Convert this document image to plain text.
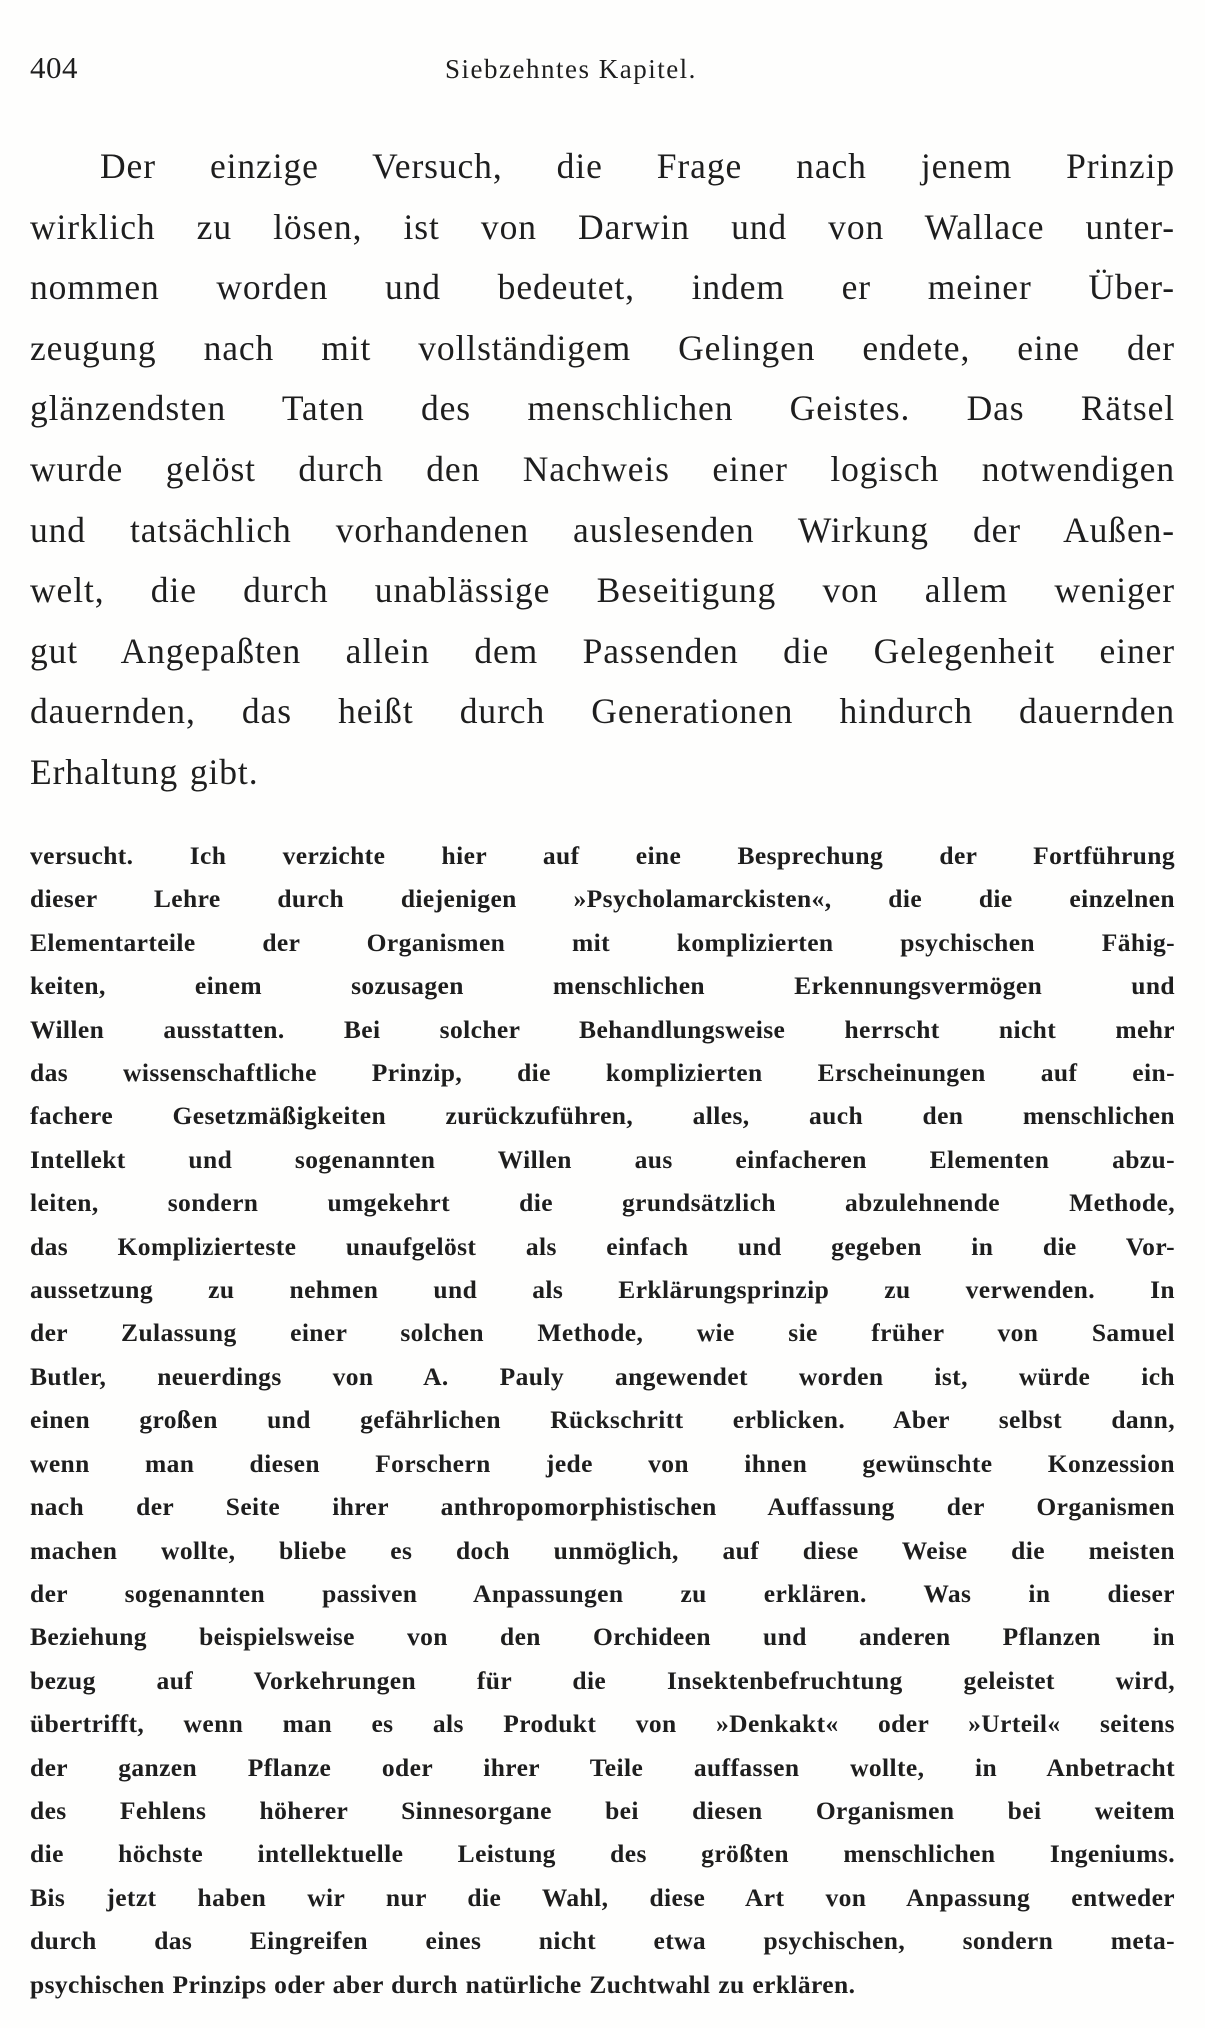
404	Siebzehntes Kapitel.
Der einzige Versuch, die Frage nach jenem Prinzip
wirklich zu lösen, ist von Darwin und von Wallace unter-
nommen worden und bedeutet, indem er meiner Über-
zeugung nach mit vollständigem Gelingen endete, eine der
glänzendsten Taten des menschlichen Geistes. Das Rätsel
wurde gelöst durch den Nachweis einer logisch notwendigen
und tatsächlich vorhandenen auslesenden Wirkung der Außen-
welt, die durch unablässige Beseitigung von allem weniger
gut Angepaßten allein dem Passenden die Gelegenheit einer
dauernden, das heißt durch Generationen hindurch dauernden
Erhaltung gibt.
versucht. Ich verzichte hier auf eine Besprechung der Fortführung
dieser Lehre durch diejenigen »Psycholamarckisten«, die die einzelnen
Elementarteile der Organismen mit komplizierten psychischen Fähig-
keiten, einem sozusagen menschlichen Erkennungsvermögen und
Willen ausstatten. Bei solcher Behandlungsweise herrscht nicht mehr
das wissenschaftliche Prinzip, die komplizierten Erscheinungen auf ein-
fachere Gesetzmäßigkeiten zurückzuführen, alles, auch den menschlichen
Intellekt und sogenannten Willen aus einfacheren Elementen abzu-
leiten, sondern umgekehrt die grundsätzlich abzulehnende Methode,
das Komplizierteste unaufgelöst als einfach und gegeben in die Vor-
aussetzung zu nehmen und als Erklärungsprinzip zu verwenden. In
der Zulassung einer solchen Methode, wie sie früher von Samuel
Butler, neuerdings von A. Pauly angewendet worden ist, würde ich
einen großen und gefährlichen Rückschritt erblicken. Aber selbst dann,
wenn man diesen Forschern jede von ihnen gewünschte Konzession
nach der Seite ihrer anthropomorphistischen Auffassung der Organismen
machen wollte, bliebe es doch unmöglich, auf diese Weise die meisten
der sogenannten passiven Anpassungen zu erklären. Was in dieser
Beziehung beispielsweise von den Orchideen und anderen Pflanzen in
bezug auf Vorkehrungen für die Insektenbefruchtung geleistet wird,
übertrifft, wenn man es als Produkt von »Denkakt« oder »Urteil« seitens
der ganzen Pflanze oder ihrer Teile auffassen wollte, in Anbetracht
des Fehlens höherer Sinnesorgane bei diesen Organismen bei weitem
die höchste intellektuelle Leistung des größten menschlichen Ingeniums.
Bis jetzt haben wir nur die Wahl, diese Art von Anpassung entweder
durch das Eingreifen eines nicht etwa psychischen, sondern meta-
psychischen Prinzips oder aber durch natürliche Zuchtwahl zu erklären.
